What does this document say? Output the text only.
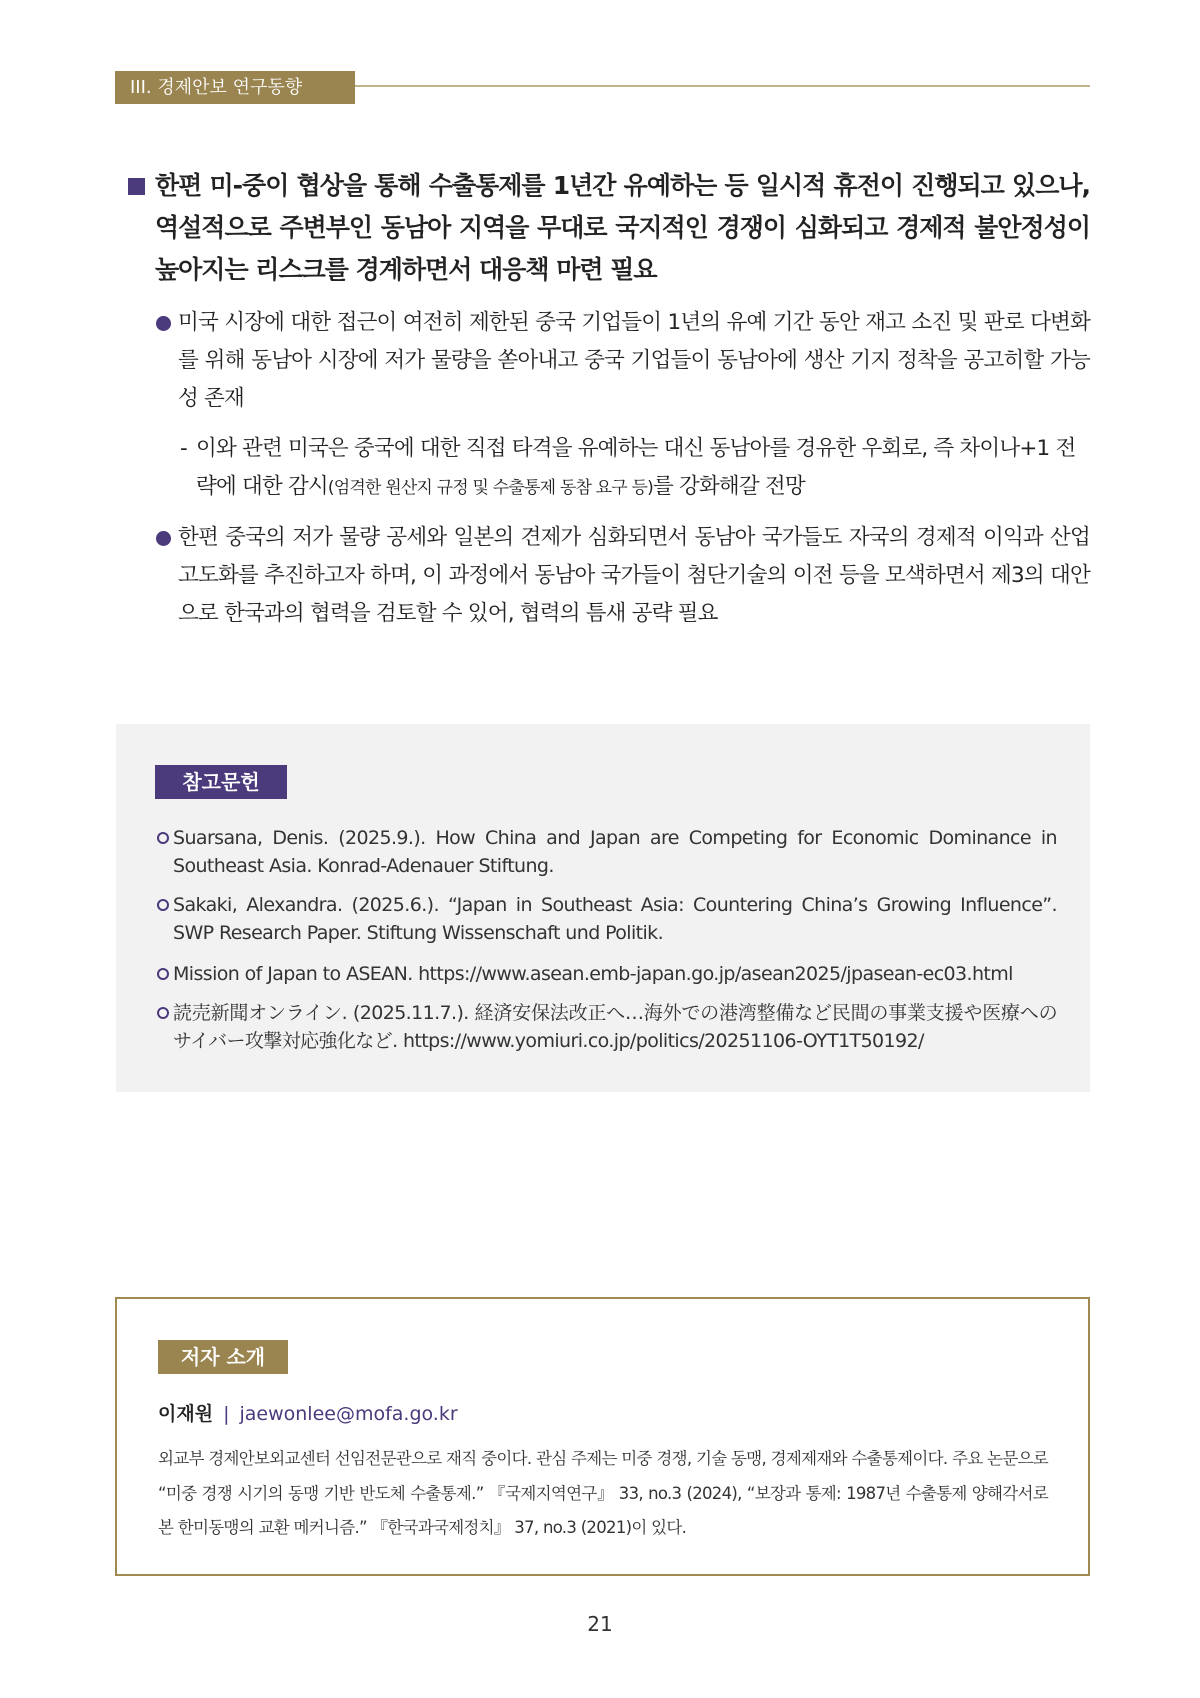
III. 경제안보 연구동향
한편 미-중이 협상을 통해 수출통제를 1년간 유예하는 등 일시적 휴전이 진행되고 있으나, 역설적으로 주변부인 동남아 지역을 무대로 국지적인 경쟁이 심화되고 경제적 불안정성이 높아지는 리스크를 경계하면서 대응책 마련 필요
미국 시장에 대한 접근이 여전히 제한된 중국 기업들이 1년의 유예 기간 동안 재고 소진 및 판로 다변화를 위해 동남아 시장에 저가 물량을 쏟아내고 중국 기업들이 동남아에 생산 기지 정착을 공고히할 가능성 존재
- 이와 관련 미국은 중국에 대한 직접 타격을 유예하는 대신 동남아를 경유한 우회로, 즉 차이나+1 전략에 대한 감시(엄격한 원산지 규정 및 수출통제 동참 요구 등)를 강화해갈 전망
한편 중국의 저가 물량 공세와 일본의 견제가 심화되면서 동남아 국가들도 자국의 경제적 이익과 산업 고도화를 추진하고자 하며, 이 과정에서 동남아 국가들이 첨단기술의 이전 등을 모색하면서 제3의 대안으로 한국과의 협력을 검토할 수 있어, 협력의 틈새 공략 필요
참고문헌
Suarsana, Denis. (2025.9.). How China and Japan are Competing for Economic Dominance in Southeast Asia. Konrad-Adenauer Stiftung.
Sakaki, Alexandra. (2025.6.). “Japan in Southeast Asia: Countering China’s Growing Influence”. SWP Research Paper. Stiftung Wissenschaft und Politik.
Mission of Japan to ASEAN. https://www.asean.emb-japan.go.jp/asean2025/jpasean-ec03.html
読売新聞オンライン. (2025.11.7.). 経済安保法改正へ…海外での港湾整備など民間の事業支援や医療へのサイバー攻撃対応強化など. https://www.yomiuri.co.jp/politics/20251106-OYT1T50192/
저자 소개
이재원 | jaewonlee@mofa.go.kr
외교부 경제안보외교센터 선임전문관으로 재직 중이다. 관심 주제는 미중 경쟁, 기술 동맹, 경제제재와 수출통제이다. 주요 논문으로 “미중 경쟁 시기의 동맹 기반 반도체 수출통제.” 『국제지역연구』 33, no.3 (2024), “보장과 통제: 1987년 수출통제 양해각서로 본 한미동맹의 교환 메커니즘.” 『한국과국제정치』 37, no.3 (2021)이 있다.
21
